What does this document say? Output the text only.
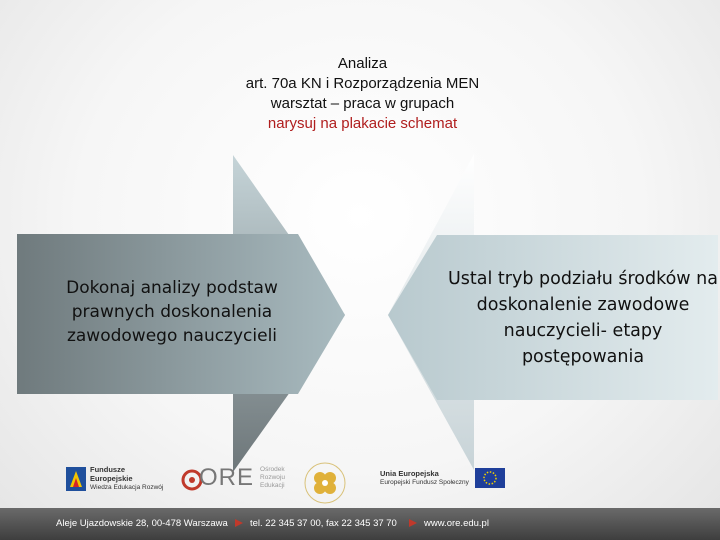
Analiza
art. 70a KN i Rozporządzenia MEN
warsztat – praca w grupach
narysuj na plakacie schemat
Dokonaj analizy podstaw prawnych doskonalenia zawodowego nauczycieli
Ustal tryb podziału środków na doskonalenie zawodowe nauczycieli- etapy postępowania
Fundusze
Europejskie
Wiedza Edukacja Rozwój ORE Ośrodek
Rozwoju
Edukacji
Unia Europejska
Europejski Fundusz Społeczny
Aleje Ujazdowskie 28, 00-478 Warszawa tel. 22 345 37 00, fax 22 345 37 70	www.ore.edu.pl
